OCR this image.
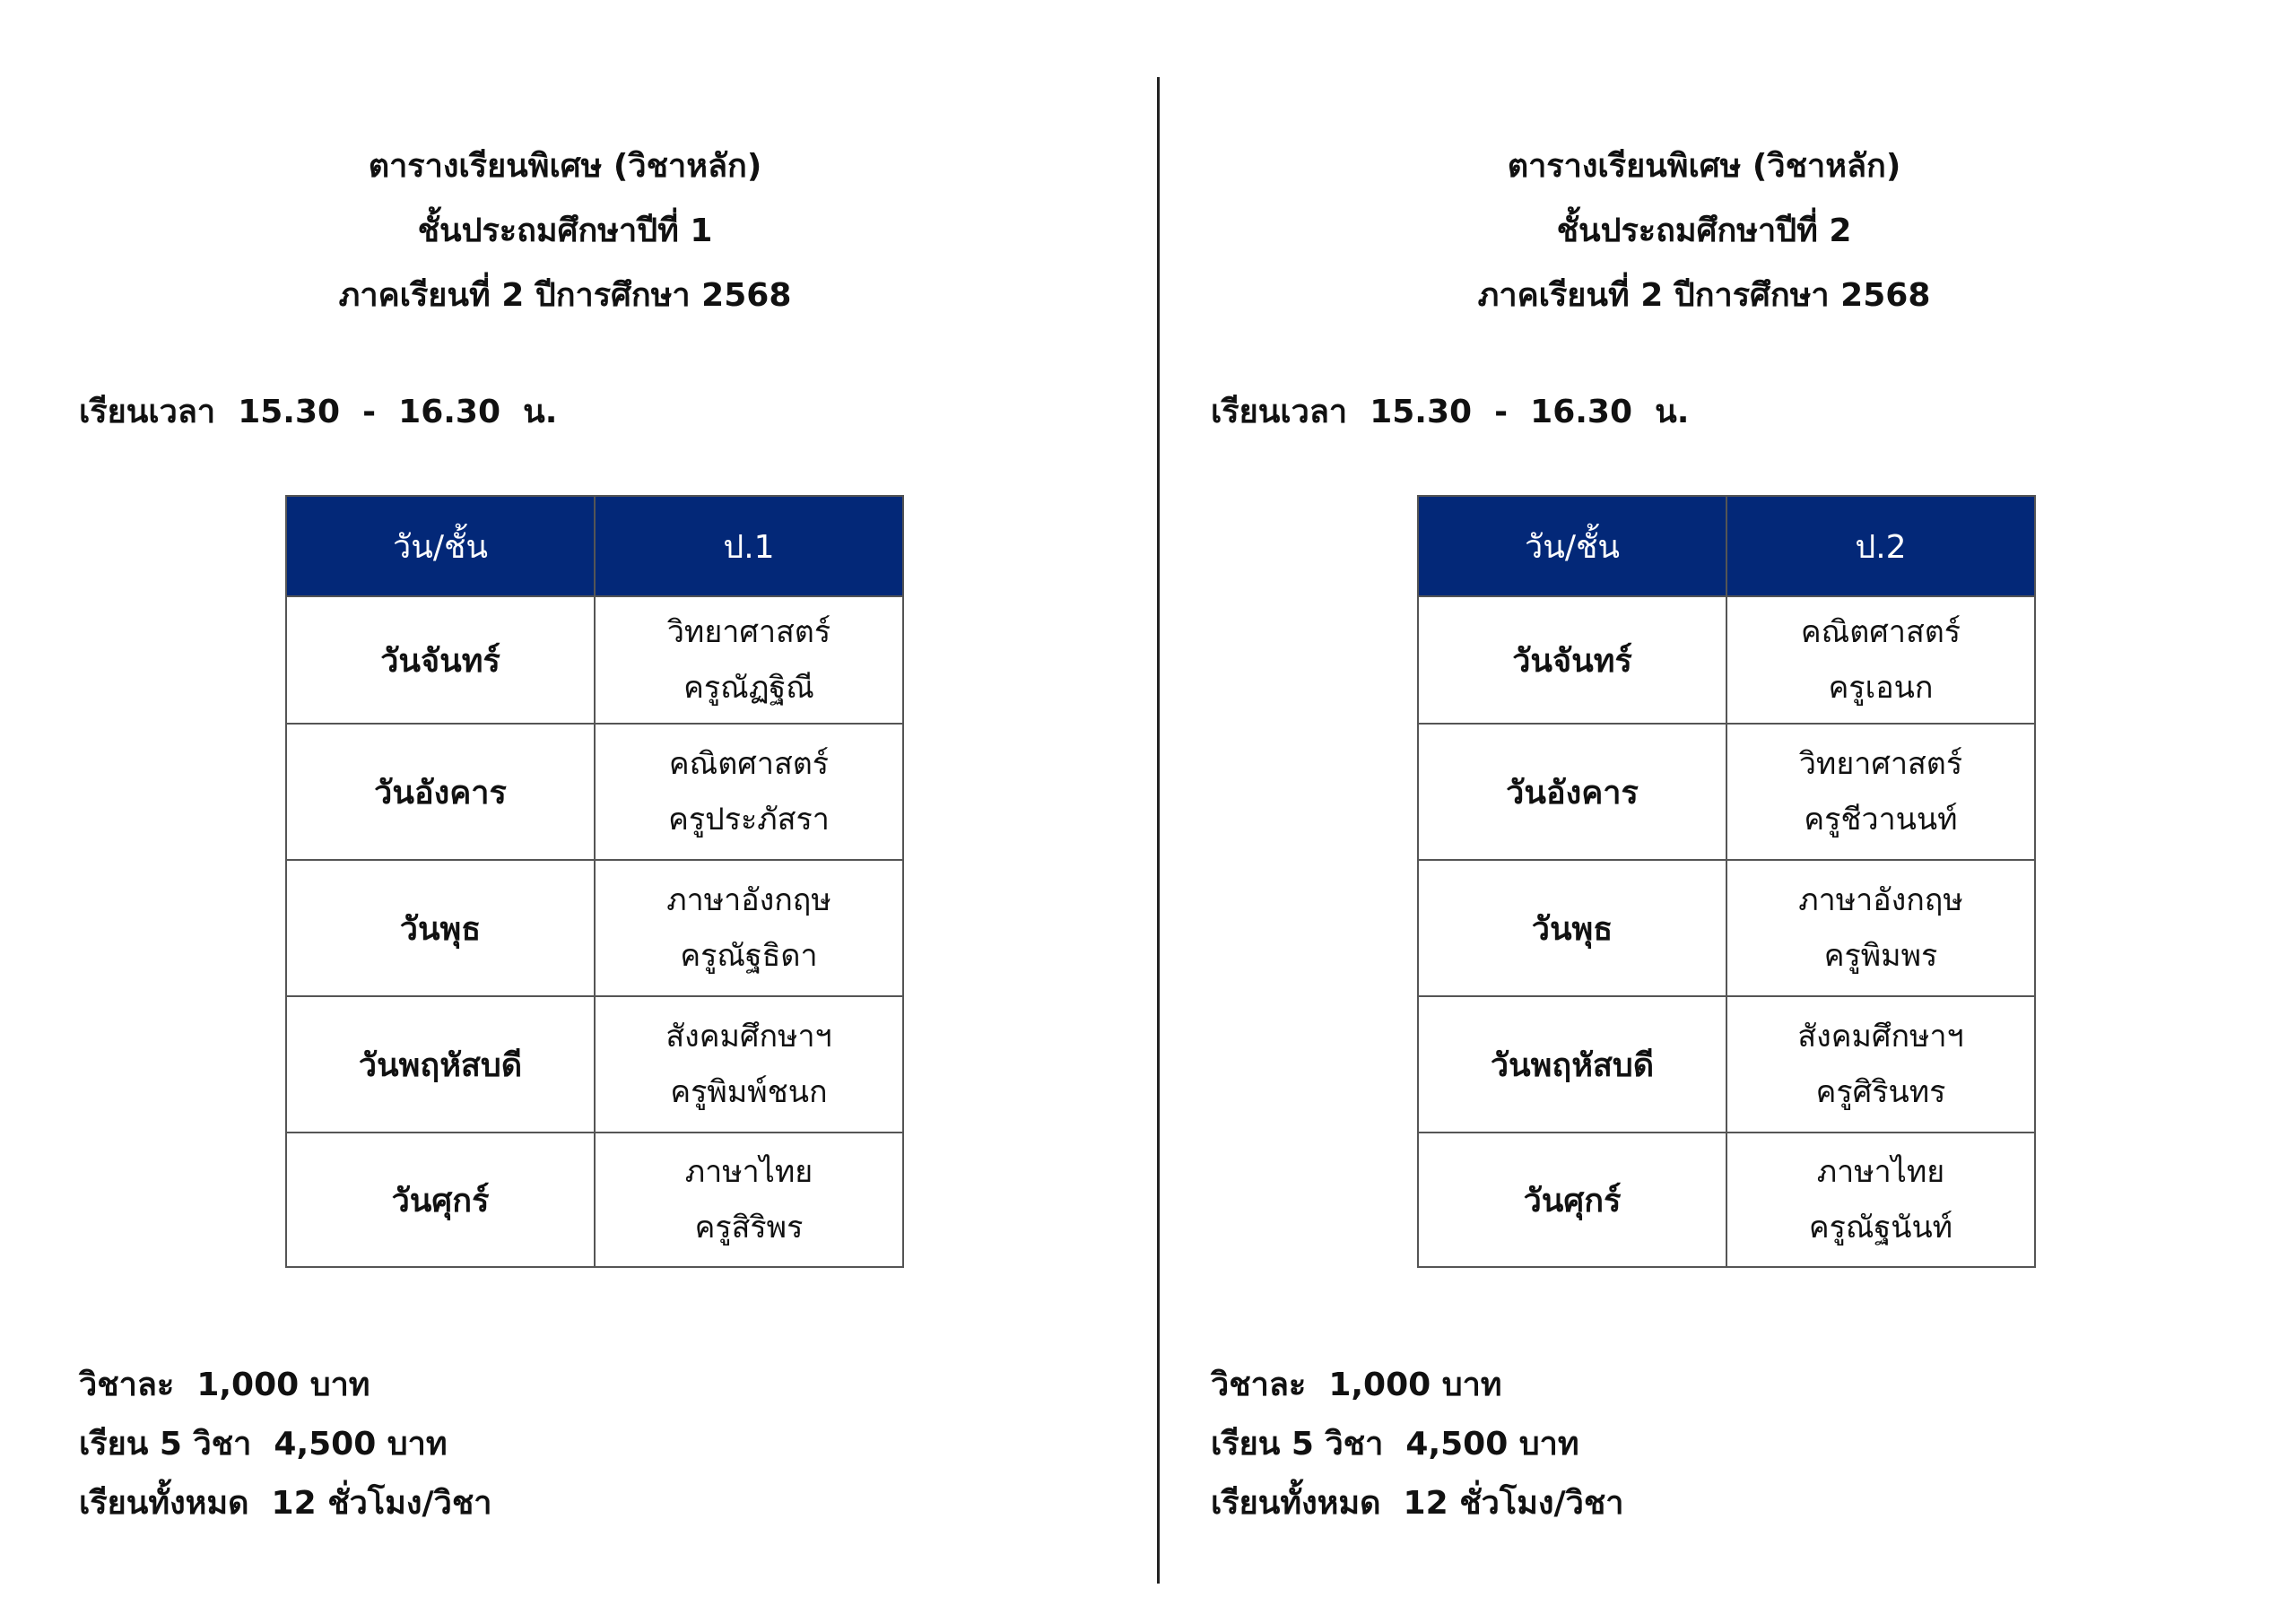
ตารางเรียนพิเศษ (วิชาหลัก)
ชั้นประถมศึกษาปีที่ 1
ภาคเรียนที่ 2 ปีการศึกษา 2568
เรียนเวลา  15.30  -  16.30  น.
วัน/ชั้น	ป.1
วันจันทร์	วิทยาศาสตร์
ครูณัฏฐิณี

วันอังคาร	คณิตศาสตร์
ครูประภัสรา

วันพุธ	ภาษาอังกฤษ
ครูณัฐธิดา

วันพฤหัสบดี	สังคมศึกษาฯ
ครูพิมพ์ชนก

วันศุกร์	ภาษาไทย
ครูสิริพร
วิชาละ  1,000 บาท
เรียน 5 วิชา  4,500 บาท
เรียนทั้งหมด  12 ชั่วโมง/วิชา
ตารางเรียนพิเศษ (วิชาหลัก)
ชั้นประถมศึกษาปีที่ 2
ภาคเรียนที่ 2 ปีการศึกษา 2568
เรียนเวลา  15.30  -  16.30  น.
วัน/ชั้น	ป.2
วันจันทร์	คณิตศาสตร์
ครูเอนก

วันอังคาร	วิทยาศาสตร์
ครูชีวานนท์

วันพุธ	ภาษาอังกฤษ
ครูพิมพร

วันพฤหัสบดี	สังคมศึกษาฯ
ครูศิรินทร

วันศุกร์	ภาษาไทย
ครูณัฐนันท์
วิชาละ  1,000 บาท
เรียน 5 วิชา  4,500 บาท
เรียนทั้งหมด  12 ชั่วโมง/วิชา
